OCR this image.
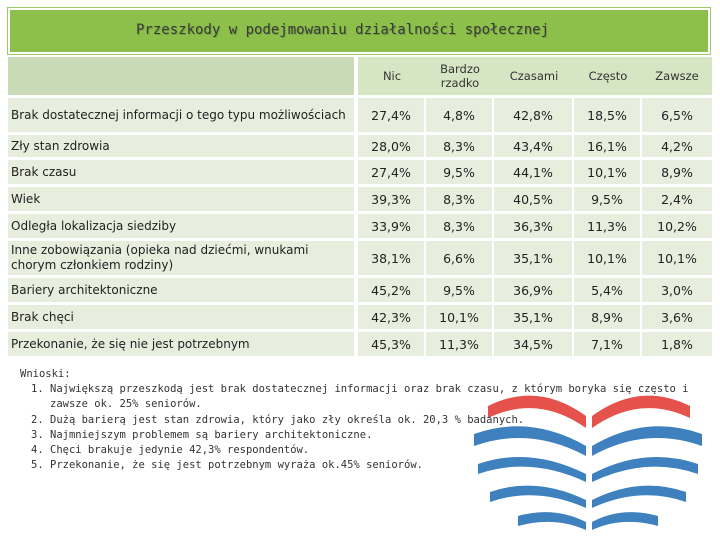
Przeszkody w podejmowaniu działalności społecznej
	Nic	Bardzo rzadko	Czasami	Często	Zawsze
Brak dostatecznej informacji o tego typu możliwościach	27,4%	4,8%	42,8%	18,5%	6,5%
Zły stan zdrowia	28,0%	8,3%	43,4%	16,1%	4,2%
Brak czasu	27,4%	9,5%	44,1%	10,1%	8,9%
Wiek	39,3%	8,3%	40,5%	9,5%	2,4%
Odległa lokalizacja siedziby	33,9%	8,3%	36,3%	11,3%	10,2%
Inne zobowiązania (opieka nad dziećmi, wnukami chorym członkiem rodziny)	38,1%	6,6%	35,1%	10,1%	10,1%
Bariery architektoniczne	45,2%	9,5%	36,9%	5,4%	3,0%
Brak chęci	42,3%	10,1%	35,1%	8,9%	3,6%
Przekonanie, że się nie jest potrzebnym	45,3%	11,3%	34,5%	7,1%	1,8%
Wnioski:
1. Największą przeszkodą jest brak dostatecznej informacji oraz brak czasu, z którym boryka się często i zawsze ok. 25% seniorów.
2. Dużą barierą jest stan zdrowia, który jako zły określa ok. 20,3 % badanych.
3. Najmniejszym problemem są bariery architektoniczne.
4. Chęci brakuje jedynie 42,3% respondentów.
5. Przekonanie, że się jest potrzebnym wyraża ok.45% seniorów.
